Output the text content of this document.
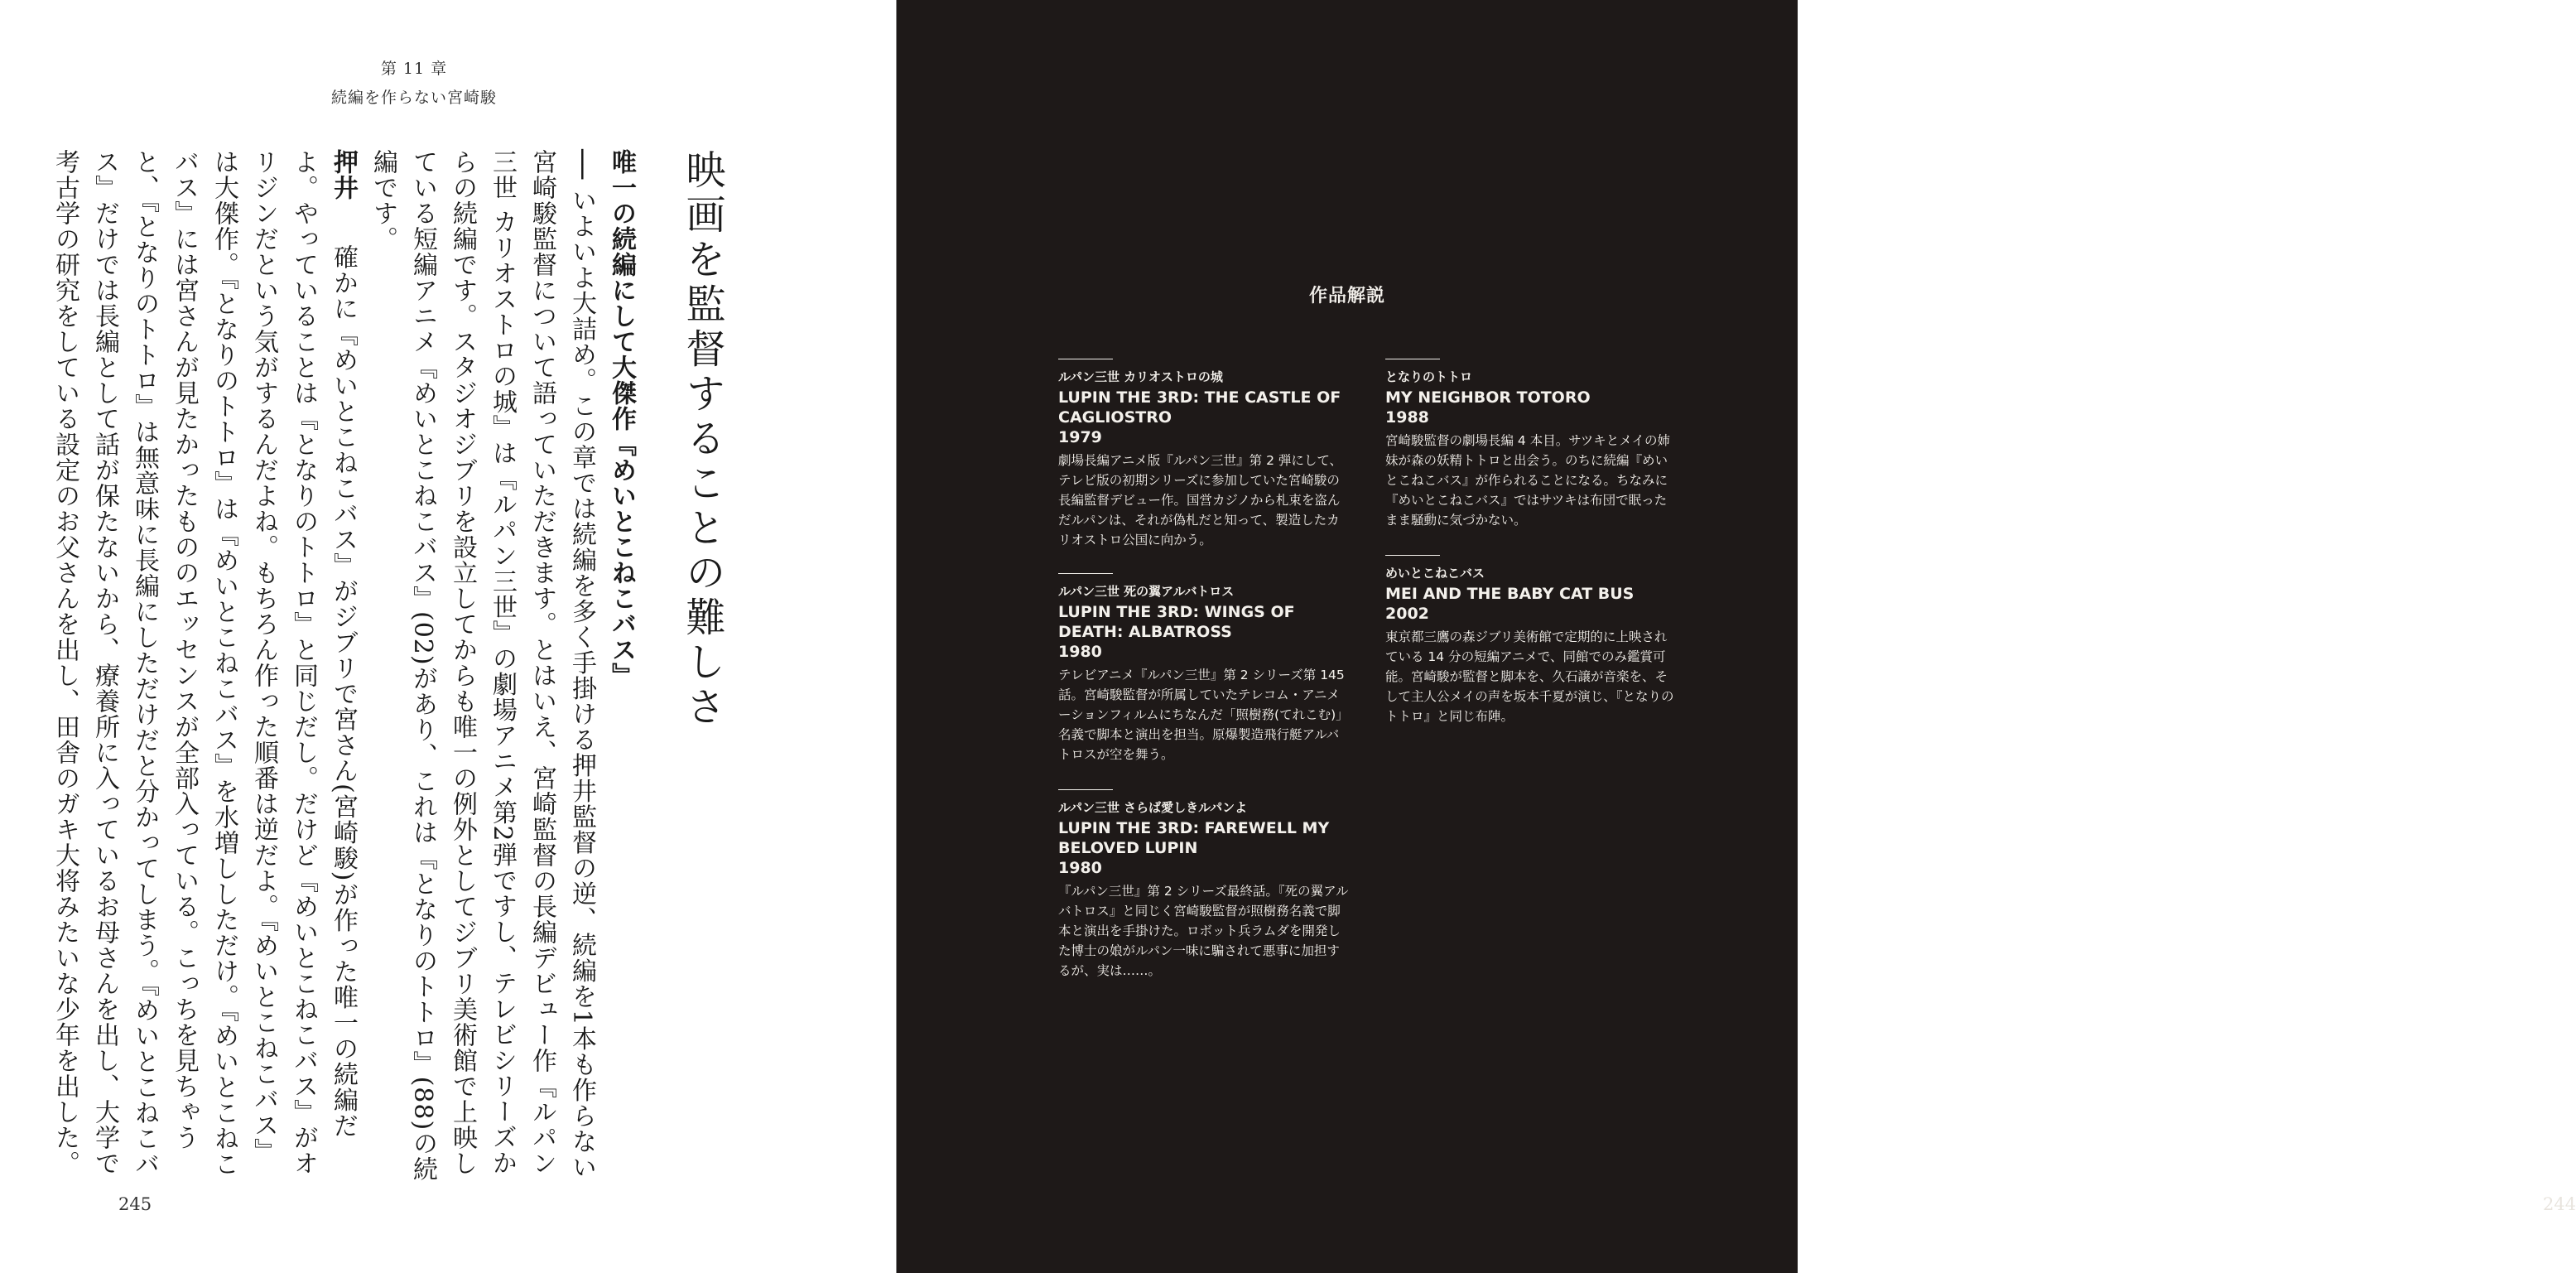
第 11 章
続編を作らない宮崎駿
映画を監督することの難しさ
唯一の続編にして大傑作『めいとこねこバス』
── いよいよ大詰め。この章では続編を多く手掛ける押井監督の逆、続編を1本も作らない宮崎駿監督について語っていただきます。とはいえ、宮崎監督の長編デビュー作『ルパン三世 カリオストロの城』は『ルパン三世』の劇場アニメ第2弾ですし、テレビシリーズからの続編です。スタジオジブリを設立してからも唯一の例外としてジブリ美術館で上映している短編アニメ『めいとこねこバス』(02)があり、これは『となりのトトロ』(88)の続編です。
押井　確かに『めいとこねこバス』がジブリで宮さん(宮崎駿)が作った唯一の続編だよ。やっていることは『となりのトトロ』と同じだし。だけど『めいとこねこバス』がオリジンだという気がするんだよね。もちろん作った順番は逆だよ。『めいとこねこバス』は大傑作。『となりのトトロ』は『めいとこねこバス』を水増ししただけ。『めいとこねこバス』には宮さんが見たかったもののエッセンスが全部入っている。こっちを見ちゃうと、『となりのトトロ』は無意味に長編にしただけだと分かってしまう。『めいとこねこバス』だけでは長編として話が保たないから、療養所に入っているお母さんを出し、大学で考古学の研究をしている設定のお父さんを出し、田舎のガキ大将みたいな少年を出した。
245
作品解説
ルパン三世 カリオストロの城
LUPIN THE 3RD: THE CASTLE OF CAGLIOSTRO
1979
劇場長編アニメ版『ルパン三世』第 2 弾にして、テレビ版の初期シリーズに参加していた宮崎駿の長編監督デビュー作。国営カジノから札束を盗んだルパンは、それが偽札だと知って、製造したカリオストロ公国に向かう。
ルパン三世 死の翼アルバトロス
LUPIN THE 3RD: WINGS OF DEATH: ALBATROSS
1980
テレビアニメ『ルパン三世』第 2 シリーズ第 145 話。宮崎駿監督が所属していたテレコム・アニメーションフィルムにちなんだ「照樹務(てれこむ)」名義で脚本と演出を担当。原爆製造飛行艇アルバトロスが空を舞う。
ルパン三世 さらば愛しきルパンよ
LUPIN THE 3RD: FAREWELL MY BELOVED LUPIN
1980
『ルパン三世』第 2 シリーズ最終話。『死の翼アルバトロス』と同じく宮崎駿監督が照樹務名義で脚本と演出を手掛けた。ロボット兵ラムダを開発した博士の娘がルパン一味に騙されて悪事に加担するが、実は……。
となりのトトロ
MY NEIGHBOR TOTORO
1988
宮崎駿監督の劇場長編 4 本目。サツキとメイの姉妹が森の妖精トトロと出会う。のちに続編『めいとこねこバス』が作られることになる。ちなみに『めいとこねこバス』ではサツキは布団で眠ったまま騒動に気づかない。
めいとこねこバス
MEI AND THE BABY CAT BUS
2002
東京都三鷹の森ジブリ美術館で定期的に上映されている 14 分の短編アニメで、同館でのみ鑑賞可能。宮崎駿が監督と脚本を、久石譲が音楽を、そして主人公メイの声を坂本千夏が演じ、『となりのトトロ』と同じ布陣。
244
